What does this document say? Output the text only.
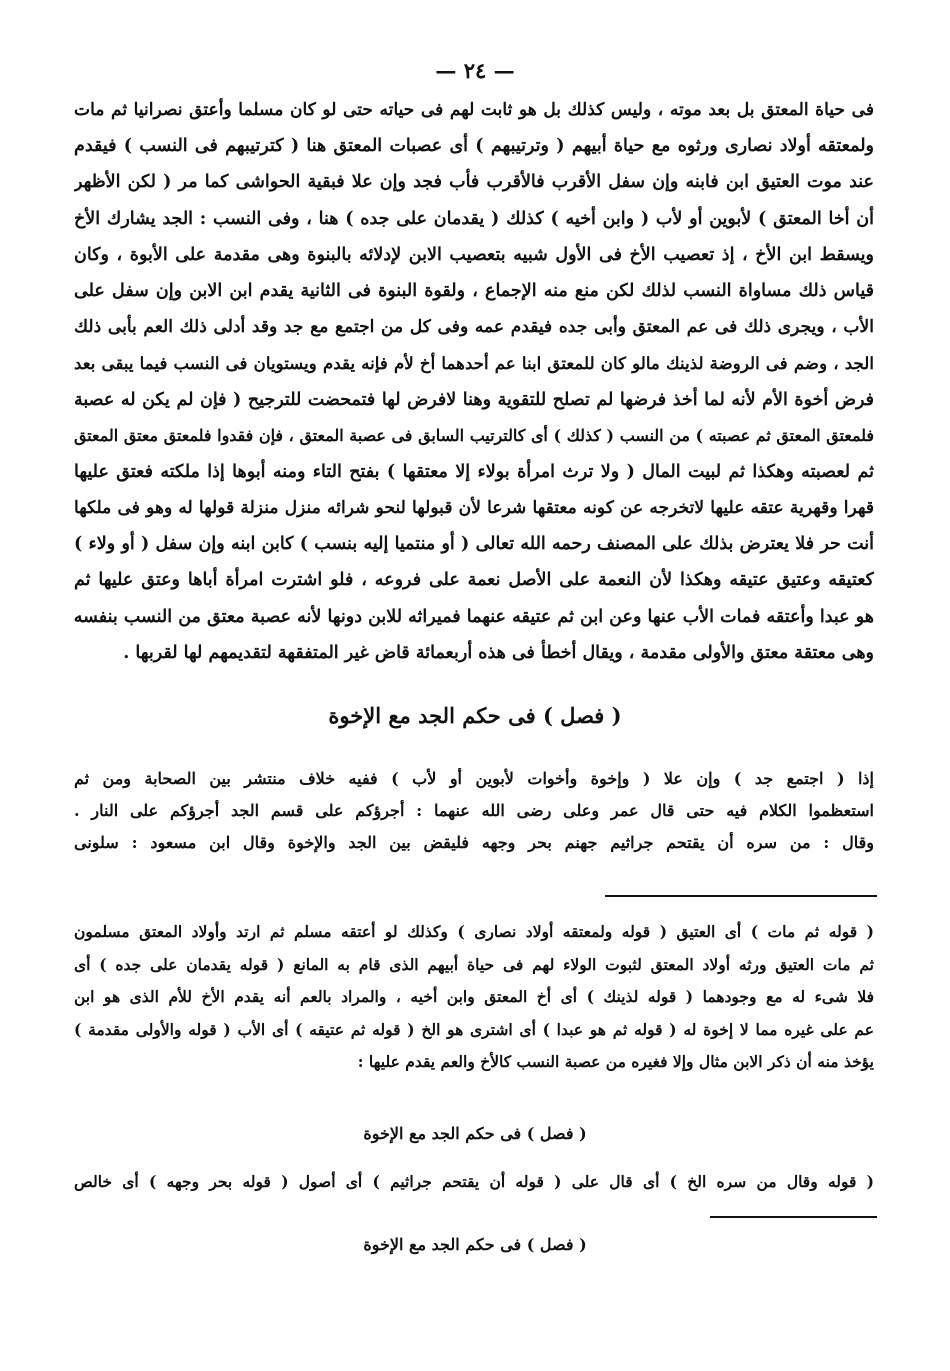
— ٢٤ —
فى حياة المعتق بل بعد موته ، وليس كذلك بل هو ثابت لهم فى حياته حتى لو كان مسلما وأعتق نصرانيا ثم مات
ولمعتقه أولاد نصارى ورثوه مع حياة أبيهم ( وترتيبهم ) أى عصبات المعتق هنا ( كترتيبهم فى النسب ) فيقدم
عند موت العتيق ابن فابنه وإن سفل الأقرب فالأقرب فأب فجد وإن علا فبقية الحواشى كما مر ( لكن الأظهر
أن أخا المعتق ) لأبوين أو لأب ( وابن أخيه ) كذلك ( يقدمان على جده ) هنا ، وفى النسب : الجد يشارك الأخ
ويسقط ابن الأخ ، إذ تعصيب الأخ فى الأول شبيه بتعصيب الابن لإدلائه بالبنوة وهى مقدمة على الأبوة ، وكان
قياس ذلك مساواة النسب لذلك لكن منع منه الإجماع ، ولقوة البنوة فى الثانية يقدم ابن الابن وإن سفل على
الأب ، ويجرى ذلك فى عم المعتق وأبى جده فيقدم عمه وفى كل من اجتمع مع جد وقد أدلى ذلك العم بأبى ذلك
الجد ، وضم فى الروضة لذينك مالو كان للمعتق ابنا عم أحدهما أخ لأم فإنه يقدم ويستويان فى النسب فيما يبقى بعد
فرض أخوة الأم لأنه لما أخذ فرضها لم تصلح للتقوية وهنا لافرض لها فتمحضت للترجيح ( فإن لم يكن له عصبة
فلمعتق المعتق ثم عصبته ) من النسب ( كذلك ) أى كالترتيب السابق فى عصبة المعتق ، فإن فقدوا فلمعتق معتق المعتق
ثم لعصبته وهكذا ثم لبيت المال ( ولا ترث امرأة بولاء إلا معتقها ) بفتح التاء ومنه أبوها إذا ملكته فعتق عليها
قهرا وقهرية عتقه عليها لاتخرجه عن كونه معتقها شرعا لأن قبولها لنحو شرائه منزل منزلة قولها له وهو فى ملكها
أنت حر فلا يعترض بذلك على المصنف رحمه الله تعالى ( أو منتميا إليه بنسب ) كابن ابنه وإن سفل ( أو ولاء )
كعتيقه وعتيق عتيقه وهكذا لأن النعمة على الأصل نعمة على فروعه ، فلو اشترت امرأة أباها وعتق عليها ثم
هو عبدا وأعتقه فمات الأب عنها وعن ابن ثم عتيقه عنهما فميراثه للابن دونها لأنه عصبة معتق من النسب بنفسه
وهى معتقة معتق والأولى مقدمة ، ويقال أخطأ فى هذه أربعمائة قاض غير المتفقهة لتقديمهم لها لقربها .
( فصل ) فى حكم الجد مع الإخوة
إذا ( اجتمع جد ) وإن علا ( وإخوة وأخوات لأبوين أو لأب ) ففيه خلاف منتشر بين الصحابة ومن ثم
استعظموا الكلام فيه حتى قال عمر وعلى رضى الله عنهما : أجرؤكم على قسم الجد أجرؤكم على النار .
وقال : من سره أن يقتحم جراثيم جهنم بحر وجهه فليقض بين الجد والإخوة وقال ابن مسعود : سلونى
( قوله ثم مات ) أى العتيق ( قوله ولمعتقه أولاد نصارى ) وكذلك لو أعتقه مسلم ثم ارتد وأولاد المعتق مسلمون
ثم مات العتيق ورثه أولاد المعتق لثبوت الولاء لهم فى حياة أبيهم الذى قام به المانع ( قوله يقدمان على جده ) أى
فلا شىء له مع وجودهما ( قوله لذينك ) أى أخ المعتق وابن أخيه ، والمراد بالعم أنه يقدم الأخ للأم الذى هو ابن
عم على غيره مما لا إخوة له ( قوله ثم هو عبدا ) أى اشترى هو الخ ( قوله ثم عتيقه ) أى الأب ( قوله والأولى مقدمة )
يؤخذ منه أن ذكر الابن مثال وإلا فغيره من عصبة النسب كالأخ والعم يقدم عليها :
( فصل ) فى حكم الجد مع الإخوة
( قوله وقال من سره الخ ) أى قال على ( قوله أن يقتحم جراثيم ) أى أصول ( قوله بحر وجهه ) أى خالص
( فصل ) فى حكم الجد مع الإخوة
